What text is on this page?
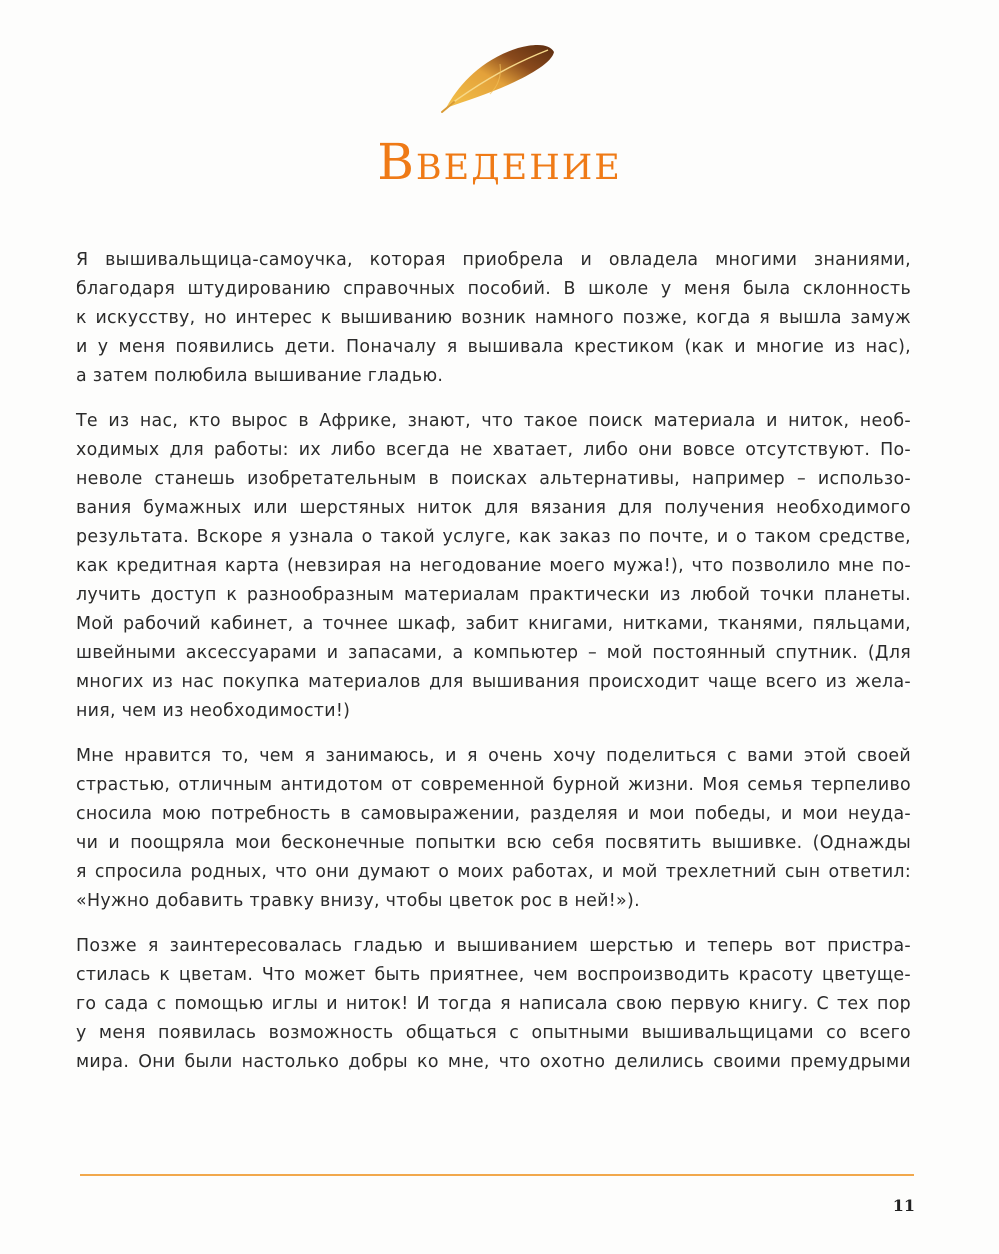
Введение

Я вышивальщица-самоучка, которая приобрела и овладела многими знаниями,
благодаря штудированию справочных пособий. В школе у меня была склонность
к искусству, но интерес к вышиванию возник намного позже, когда я вышла замуж
и у меня появились дети. Поначалу я вышивала крестиком (как и многие из нас),
а затем полюбила вышивание гладью.

Те из нас, кто вырос в Африке, знают, что такое поиск материала и ниток, необ-
ходимых для работы: их либо всегда не хватает, либо они вовсе отсутствуют. По-
неволе станешь изобретательным в поисках альтернативы, например – использо-
вания бумажных или шерстяных ниток для вязания для получения необходимого
результата. Вскоре я узнала о такой услуге, как заказ по почте, и о таком средстве,
как кредитная карта (невзирая на негодование моего мужа!), что позволило мне по-
лучить доступ к разнообразным материалам практически из любой точки планеты.
Мой рабочий кабинет, а точнее шкаф, забит книгами, нитками, тканями, пяльцами,
швейными аксессуарами и запасами, а компьютер – мой постоянный спутник. (Для
многих из нас покупка материалов для вышивания происходит чаще всего из жела-
ния, чем из необходимости!)

Мне нравится то, чем я занимаюсь, и я очень хочу поделиться с вами этой своей
страстью, отличным антидотом от современной бурной жизни. Моя семья терпеливо
сносила мою потребность в самовыражении, разделяя и мои победы, и мои неуда-
чи и поощряла мои бесконечные попытки всю себя посвятить вышивке. (Однажды
я спросила родных, что они думают о моих работах, и мой трехлетний сын ответил:
«Нужно добавить травку внизу, чтобы цветок рос в ней!»).

Позже я заинтересовалась гладью и вышиванием шерстью и теперь вот пристра-
стилась к цветам. Что может быть приятнее, чем воспроизводить красоту цветуще-
го сада с помощью иглы и ниток! И тогда я написала свою первую книгу. С тех пор
у меня появилась возможность общаться с опытными вышивальщицами со всего
мира. Они были настолько добры ко мне, что охотно делились своими премудрыми

11
